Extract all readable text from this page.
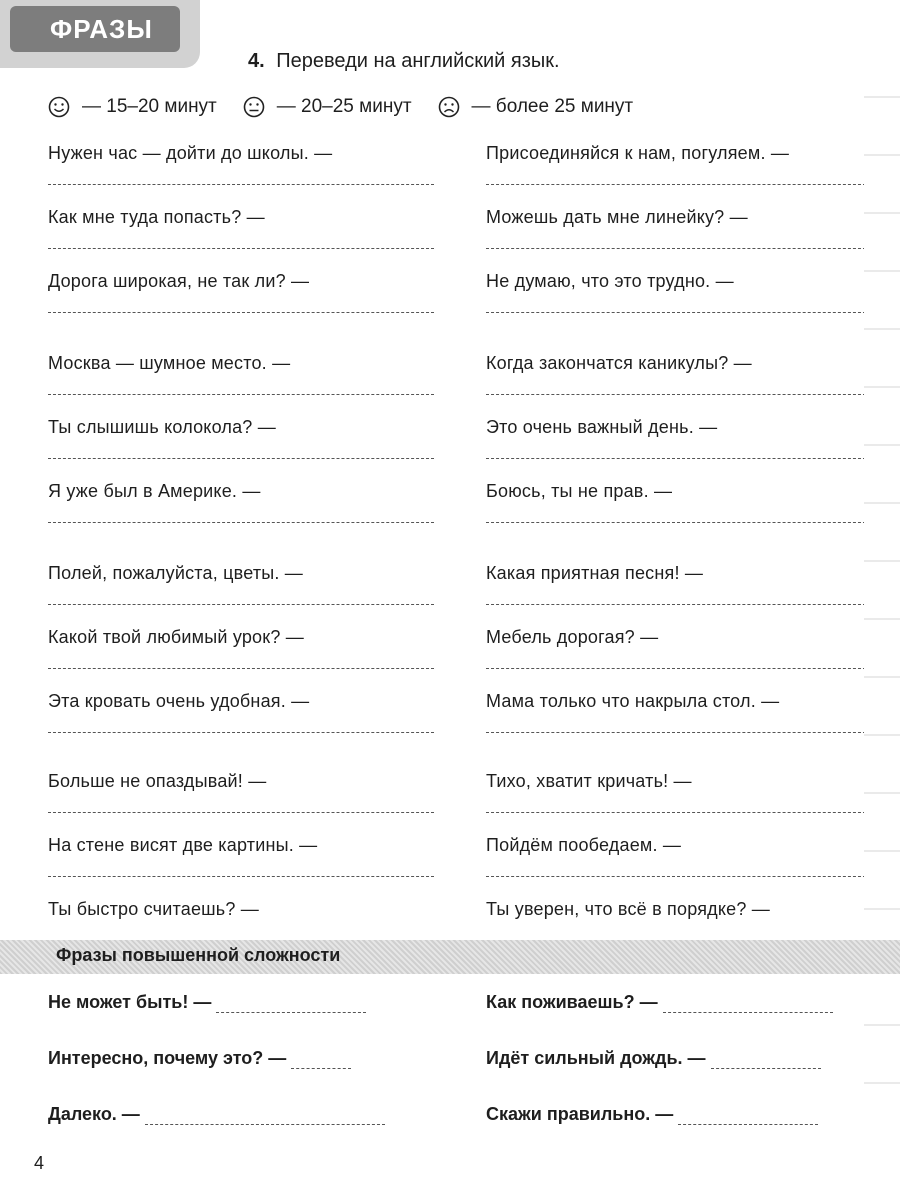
ФРАЗЫ
4. Переведи на английский язык.
— 15–20 минут	— 20–25 минут	— более 25 минут
Нужен час — дойти до школы. —
Как мне туда попасть? —
Дорога широкая, не так ли? —
Москва — шумное место. —
Ты слышишь колокола? —
Я уже был в Америке. —
Полей, пожалуйста, цветы. —
Какой твой любимый урок? —
Эта кровать очень удобная. —
Больше не опаздывай! —
На стене висят две картины. —
Ты быстро считаешь? —
Присоединяйся к нам, погуляем. —
Можешь дать мне линейку? —
Не думаю, что это трудно. —
Когда закончатся каникулы? —
Это очень важный день. —
Боюсь, ты не прав. —
Какая приятная песня! —
Мебель дорогая? —
Мама только что накрыла стол. —
Тихо, хватит кричать! —
Пойдём пообедаем. —
Ты уверен, что всё в порядке? —
Фразы повышенной сложности
Не может быть! —
Интересно, почему это? —
Далеко. —
Как поживаешь? —
Идёт сильный дождь. —
Скажи правильно. —
4
